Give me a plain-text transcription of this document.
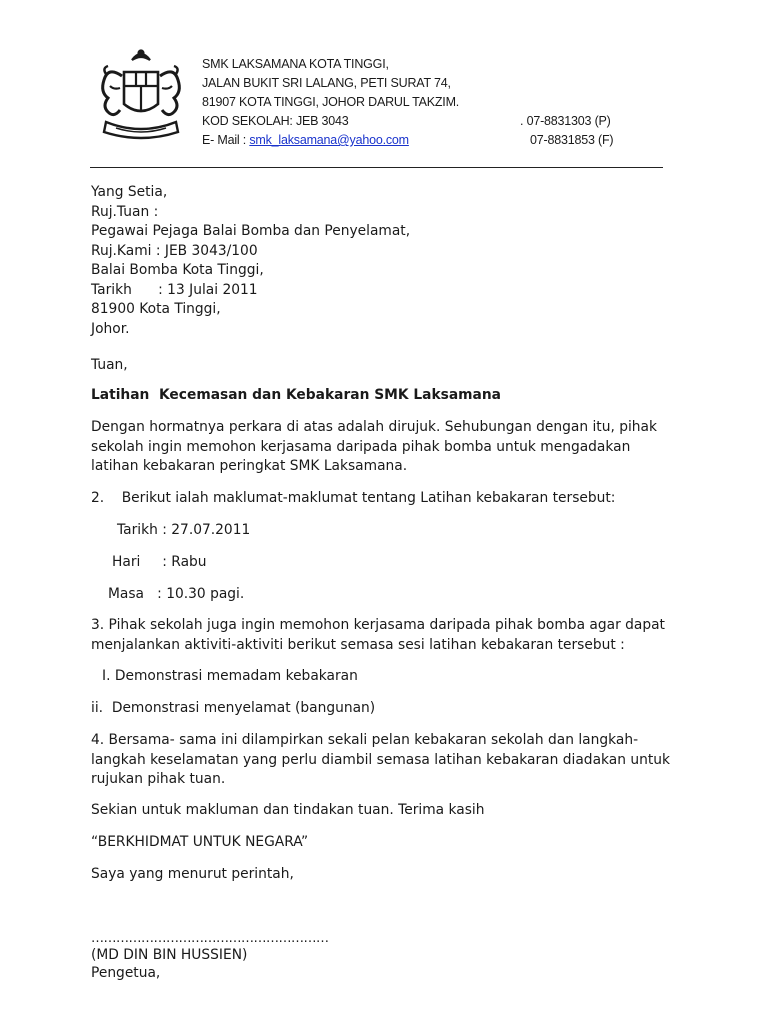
SMK LAKSAMANA KOTA TINGGI,
JALAN BUKIT SRI LALANG, PETI SURAT 74,
81907 KOTA TINGGI, JOHOR DARUL TAKZIM.
KOD SEKOLAH: JEB 3043	. 07-8831303 (P)
E- Mail : smk_laksamana@yahoo.com	07-8831853 (F)
Yang Setia,
Ruj.Tuan :
Pegawai Pejaga Balai Bomba dan Penyelamat,
Ruj.Kami : JEB 3043/100
Balai Bomba Kota Tinggi,
Tarikh      : 13 Julai 2011
81900 Kota Tinggi,
Johor.
Tuan,
Latihan  Kecemasan dan Kebakaran SMK Laksamana
Dengan hormatnya perkara di atas adalah dirujuk. Sehubungan dengan itu, pihak sekolah ingin memohon kerjasama daripada pihak bomba untuk mengadakan latihan kebakaran peringkat SMK Laksamana.
2.    Berikut ialah maklumat-maklumat tentang Latihan kebakaran tersebut:
Tarikh : 27.07.2011
Hari     : Rabu
Masa   : 10.30 pagi.
3. Pihak sekolah juga ingin memohon kerjasama daripada pihak bomba agar dapat menjalankan aktiviti-aktiviti berikut semasa sesi latihan kebakaran tersebut :
I. Demonstrasi memadam kebakaran
ii.  Demonstrasi menyelamat (bangunan)
4. Bersama- sama ini dilampirkan sekali pelan kebakaran sekolah dan langkah-langkah keselamatan yang perlu diambil semasa latihan kebakaran diadakan untuk rujukan pihak tuan.
Sekian untuk makluman dan tindakan tuan. Terima kasih
“BERKHIDMAT UNTUK NEGARA”
Saya yang menurut perintah,
…………………………………………………
(MD DIN BIN HUSSIEN)
Pengetua,
